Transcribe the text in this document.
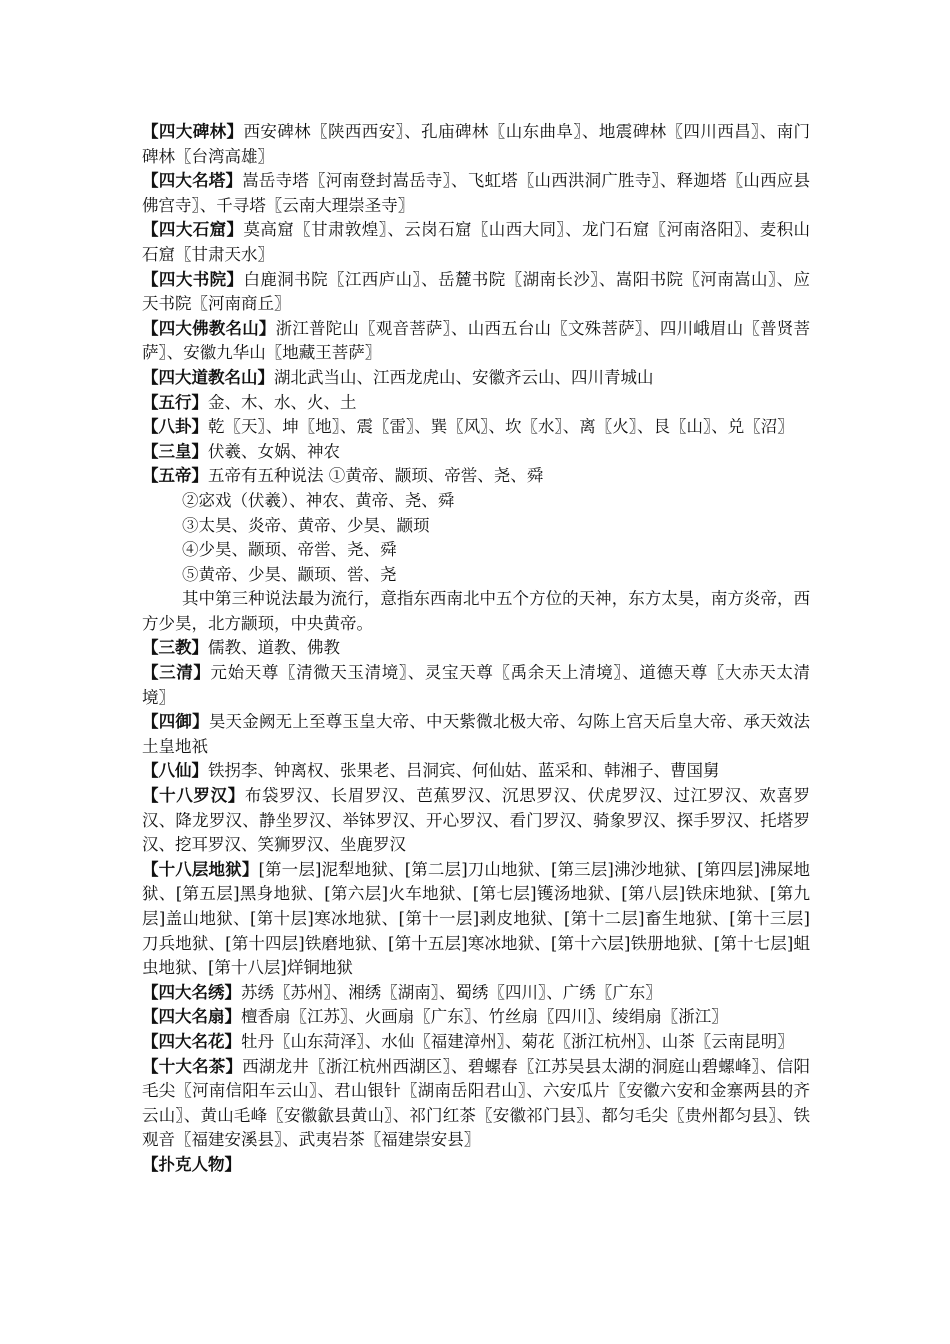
【四大碑林】西安碑林〖陕西西安〗、孔庙碑林〖山东曲阜〗、地震碑林〖四川西昌〗、南门碑林〖台湾高雄〗

【四大名塔】嵩岳寺塔〖河南登封嵩岳寺〗、飞虹塔〖山西洪洞广胜寺〗、释迦塔〖山西应县佛宫寺〗、千寻塔〖云南大理崇圣寺〗

【四大石窟】莫高窟〖甘肃敦煌〗、云岗石窟〖山西大同〗、龙门石窟〖河南洛阳〗、麦积山石窟〖甘肃天水〗

【四大书院】白鹿洞书院〖江西庐山〗、岳麓书院〖湖南长沙〗、嵩阳书院〖河南嵩山〗、应天书院〖河南商丘〗

【四大佛教名山】浙江普陀山〖观音菩萨〗、山西五台山〖文殊菩萨〗、四川峨眉山〖普贤菩萨〗、安徽九华山〖地藏王菩萨〗

【四大道教名山】湖北武当山、江西龙虎山、安徽齐云山、四川青城山

【五行】金、木、水、火、土

【八卦】乾〖天〗、坤〖地〗、震〖雷〗、巽〖风〗、坎〖水〗、离〖火〗、艮〖山〗、兑〖沼〗

【三皇】伏羲、女娲、神农

【五帝】五帝有五种说法 ①黄帝、颛顼、帝喾、尧、舜

②宓戏（伏羲）、神农、黄帝、尧、舜

③太昊、炎帝、黄帝、少昊、颛顼

④少昊、颛顼、帝喾、尧、舜

⑤黄帝、少昊、颛顼、喾、尧

其中第三种说法最为流行，意指东西南北中五个方位的天神，东方太昊，南方炎帝，西方少昊，北方颛顼，中央黄帝。

【三教】儒教、道教、佛教

【三清】元始天尊〖清微天玉清境〗、灵宝天尊〖禹余天上清境〗、道德天尊〖大赤天太清境〗

【四御】昊天金阙无上至尊玉皇大帝、中天紫微北极大帝、勾陈上宫天后皇大帝、承天效法土皇地祇

【八仙】铁拐李、钟离权、张果老、吕洞宾、何仙姑、蓝采和、韩湘子、曹国舅

【十八罗汉】布袋罗汉、长眉罗汉、芭蕉罗汉、沉思罗汉、伏虎罗汉、过江罗汉、欢喜罗汉、降龙罗汉、静坐罗汉、举钵罗汉、开心罗汉、看门罗汉、骑象罗汉、探手罗汉、托塔罗汉、挖耳罗汉、笑狮罗汉、坐鹿罗汉

【十八层地狱】[第一层]泥犁地狱、[第二层]刀山地狱、[第三层]沸沙地狱、[第四层]沸屎地狱、[第五层]黑身地狱、[第六层]火车地狱、[第七层]镬汤地狱、[第八层]铁床地狱、[第九层]盖山地狱、[第十层]寒冰地狱、[第十一层]剥皮地狱、[第十二层]畜生地狱、[第十三层]刀兵地狱、[第十四层]铁磨地狱、[第十五层]寒冰地狱、[第十六层]铁册地狱、[第十七层]蛆虫地狱、[第十八层]烊铜地狱

【四大名绣】苏绣〖苏州〗、湘绣〖湖南〗、蜀绣〖四川〗、广绣〖广东〗

【四大名扇】檀香扇〖江苏〗、火画扇〖广东〗、竹丝扇〖四川〗、绫绢扇〖浙江〗

【四大名花】牡丹〖山东菏泽〗、水仙〖福建漳州〗、菊花〖浙江杭州〗、山茶〖云南昆明〗

【十大名茶】西湖龙井〖浙江杭州西湖区〗、碧螺春〖江苏吴县太湖的洞庭山碧螺峰〗、信阳毛尖〖河南信阳车云山〗、君山银针〖湖南岳阳君山〗、六安瓜片〖安徽六安和金寨两县的齐云山〗、黄山毛峰〖安徽歙县黄山〗、祁门红茶〖安徽祁门县〗、都匀毛尖〖贵州都匀县〗、铁观音〖福建安溪县〗、武夷岩茶〖福建崇安县〗

【扑克人物】
